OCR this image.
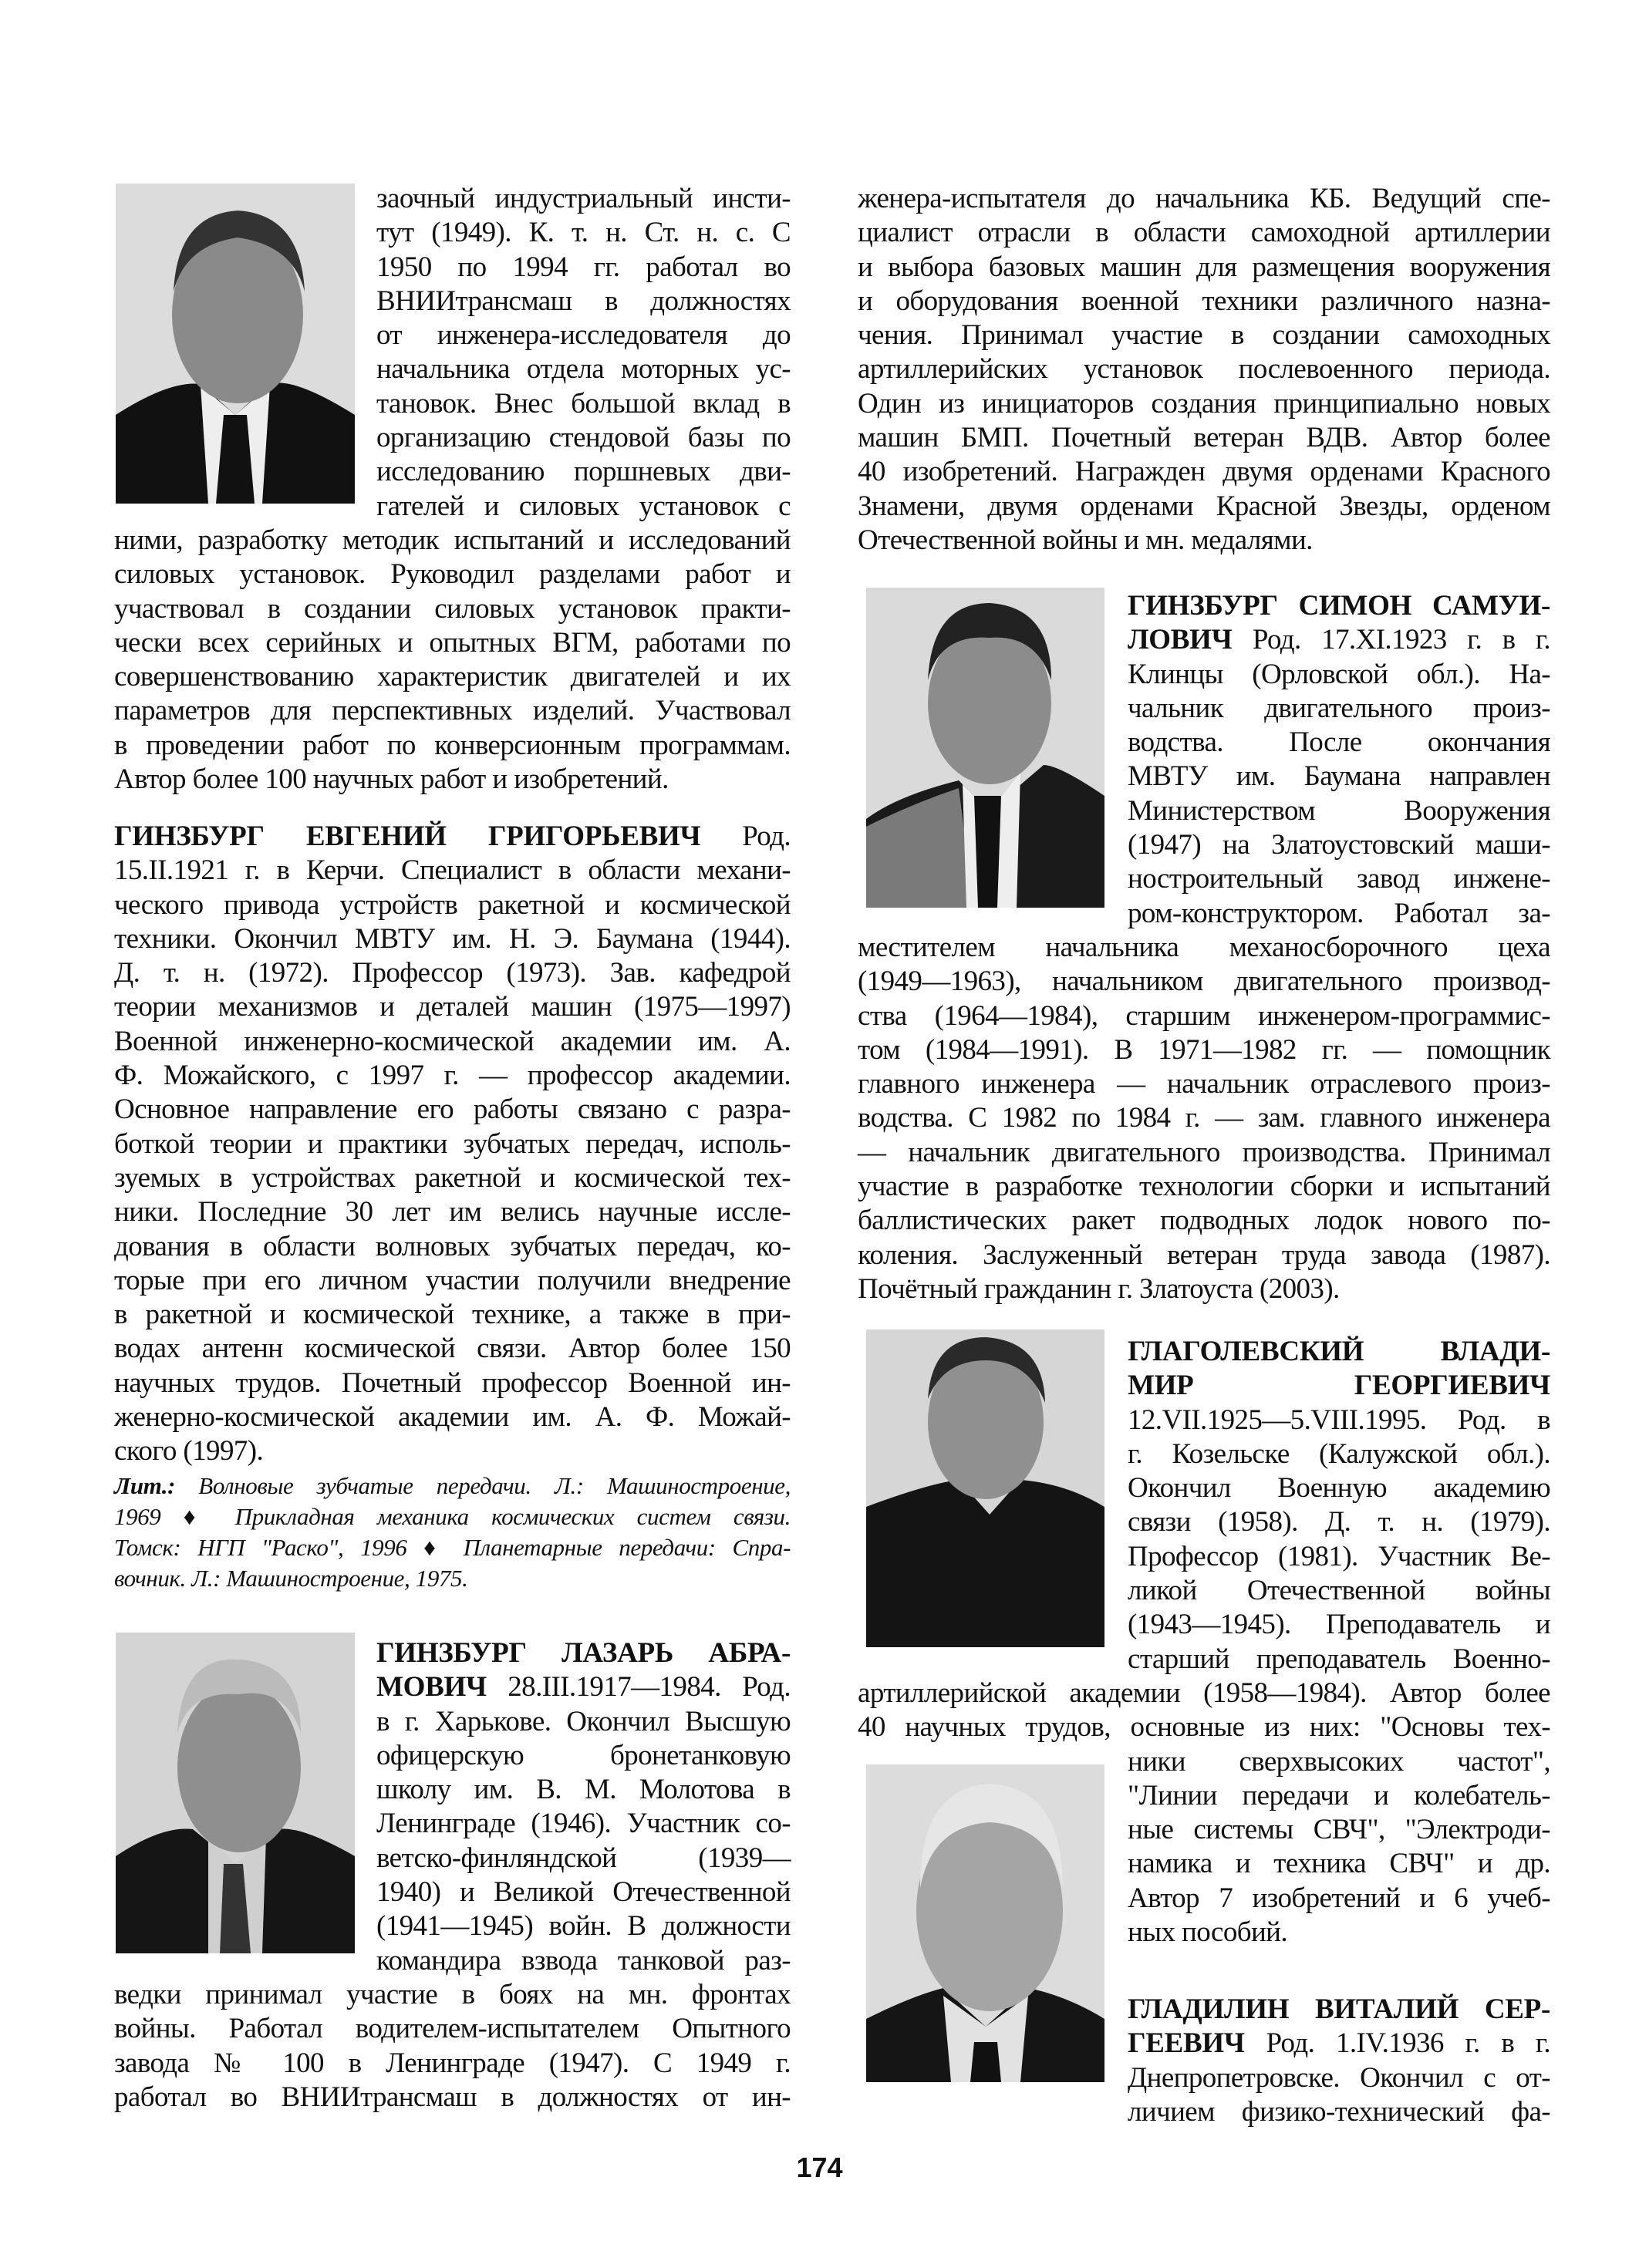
заочный индустриальный инсти-
тут (1949). К. т. н. Ст. н. с. С
1950 по 1994 гг. работал во
ВНИИтрансмаш в должностях
от инженера-исследователя до
начальника отдела моторных ус-
тановок. Внес большой вклад в
организацию стендовой базы по
исследованию поршневых дви-
гателей и силовых установок с
ними, разработку методик испытаний и исследований
силовых установок. Руководил разделами работ и
участвовал в создании силовых установок практи-
чески всех серийных и опытных ВГМ, работами по
совершенствованию характеристик двигателей и их
параметров для перспективных изделий. Участвовал
в проведении работ по конверсионным программам.
Автор более 100 научных работ и изобретений.
ГИНЗБУРГ ЕВГЕНИЙ ГРИГОРЬЕВИЧ Род.
15.II.1921 г. в Керчи. Специалист в области механи-
ческого привода устройств ракетной и космической
техники. Окончил МВТУ им. Н. Э. Баумана (1944).
Д. т. н. (1972). Профессор (1973). Зав. кафедрой
теории механизмов и деталей машин (1975—1997)
Военной инженерно-космической академии им. А.
Ф. Можайского, с 1997 г. — профессор академии.
Основное направление его работы связано с разра-
боткой теории и практики зубчатых передач, исполь-
зуемых в устройствах ракетной и космической тех-
ники. Последние 30 лет им велись научные иссле-
дования в области волновых зубчатых передач, ко-
торые при его личном участии получили внедрение
в ракетной и космической технике, а также в при-
водах антенн космической связи. Автор более 150
научных трудов. Почетный профессор Военной ин-
женерно-космической академии им. А. Ф. Можай-
ского (1997).
Лит.: Волновые зубчатые передачи. Л.: Машиностроение,
1969 ♦ Прикладная механика космических систем связи.
Томск: НГП "Раско", 1996 ♦ Планетарные передачи: Спра-
вочник. Л.: Машиностроение, 1975.
ГИНЗБУРГ ЛАЗАРЬ АБРА-
МОВИЧ 28.III.1917—1984. Род.
в г. Харькове. Окончил Высшую
офицерскую бронетанковую
школу им. В. М. Молотова в
Ленинграде (1946). Участник со-
ветско-финляндской (1939—
1940) и Великой Отечественной
(1941—1945) войн. В должности
командира взвода танковой раз-
ведки принимал участие в боях на мн. фронтах
войны. Работал водителем-испытателем Опытного
завода № 100 в Ленинграде (1947). С 1949 г.
работал во ВНИИтрансмаш в должностях от ин-
женера-испытателя до начальника КБ. Ведущий спе-
циалист отрасли в области самоходной артиллерии
и выбора базовых машин для размещения вооружения
и оборудования военной техники различного назна-
чения. Принимал участие в создании самоходных
артиллерийских установок послевоенного периода.
Один из инициаторов создания принципиально новых
машин БМП. Почетный ветеран ВДВ. Автор более
40 изобретений. Награжден двумя орденами Красного
Знамени, двумя орденами Красной Звезды, орденом
Отечественной войны и мн. медалями.
ГИНЗБУРГ СИМОН САМУИ-
ЛОВИЧ Род. 17.XI.1923 г. в г.
Клинцы (Орловской обл.). На-
чальник двигательного произ-
водства. После окончания
МВТУ им. Баумана направлен
Министерством Вооружения
(1947) на Златоустовский маши-
ностроительный завод инжене-
ром-конструктором. Работал за-
местителем начальника механосборочного цеха
(1949—1963), начальником двигательного производ-
ства (1964—1984), старшим инженером-программис-
том (1984—1991). В 1971—1982 гг. — помощник
главного инженера — начальник отраслевого произ-
водства. С 1982 по 1984 г. — зам. главного инженера
— начальник двигательного производства. Принимал
участие в разработке технологии сборки и испытаний
баллистических ракет подводных лодок нового по-
коления. Заслуженный ветеран труда завода (1987).
Почётный гражданин г. Златоуста (2003).
ГЛАГОЛЕВСКИЙ ВЛАДИ-
МИР ГЕОРГИЕВИЧ
12.VII.1925—5.VIII.1995. Род. в
г. Козельске (Калужской обл.).
Окончил Военную академию
связи (1958). Д. т. н. (1979).
Профессор (1981). Участник Ве-
ликой Отечественной войны
(1943—1945). Преподаватель и
старший преподаватель Военно-
артиллерийской академии (1958—1984). Автор более
40 научных трудов, основные из них: "Основы тех-
ники сверхвысоких частот",
"Линии передачи и колебатель-
ные системы СВЧ", "Электроди-
намика и техника СВЧ" и др.
Автор 7 изобретений и 6 учеб-
ных пособий.
ГЛАДИЛИН ВИТАЛИЙ СЕР-
ГЕЕВИЧ Род. 1.IV.1936 г. в г.
Днепропетровске. Окончил с от-
личием физико-технический фа-
174
